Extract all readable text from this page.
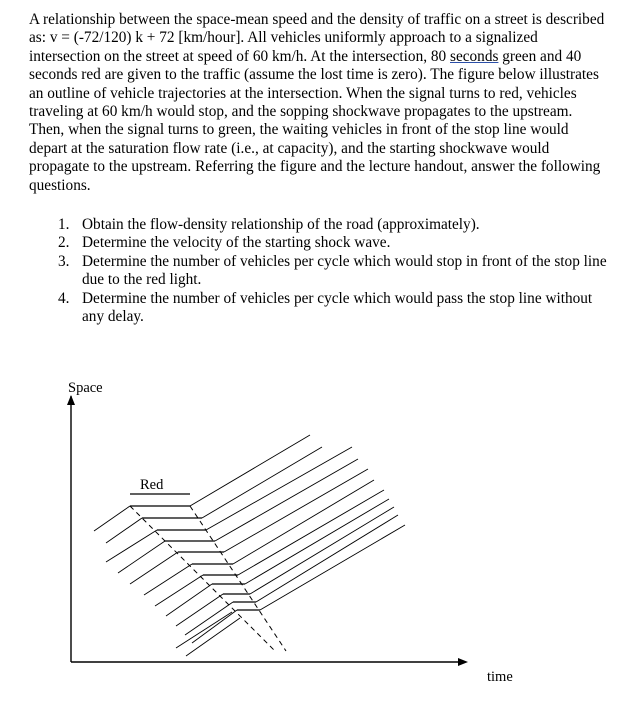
A relationship between the space-mean speed and the density of traffic on a street is described as: v = (-72/120) k + 72 [km/hour]. All vehicles uniformly approach to a signalized intersection on the street at speed of 60 km/h. At the intersection, 80 seconds green and 40 seconds red are given to the traffic (assume the lost time is zero). The figure below illustrates an outline of vehicle trajectories at the intersection. When the signal turns to red, vehicles traveling at 60 km/h would stop, and the sopping shockwave propagates to the upstream. Then, when the signal turns to green, the waiting vehicles in front of the stop line would depart at the saturation flow rate (i.e., at capacity), and the starting shockwave would propagate to the upstream. Referring the figure and the lecture handout, answer the following questions.

1. Obtain the flow-density relationship of the road (approximately).
2. Determine the velocity of the starting shock wave.
3. Determine the number of vehicles per cycle which would stop in front of the stop line due to the red light.
4. Determine the number of vehicles per cycle which would pass the stop line without any delay.
Space
Red
time
